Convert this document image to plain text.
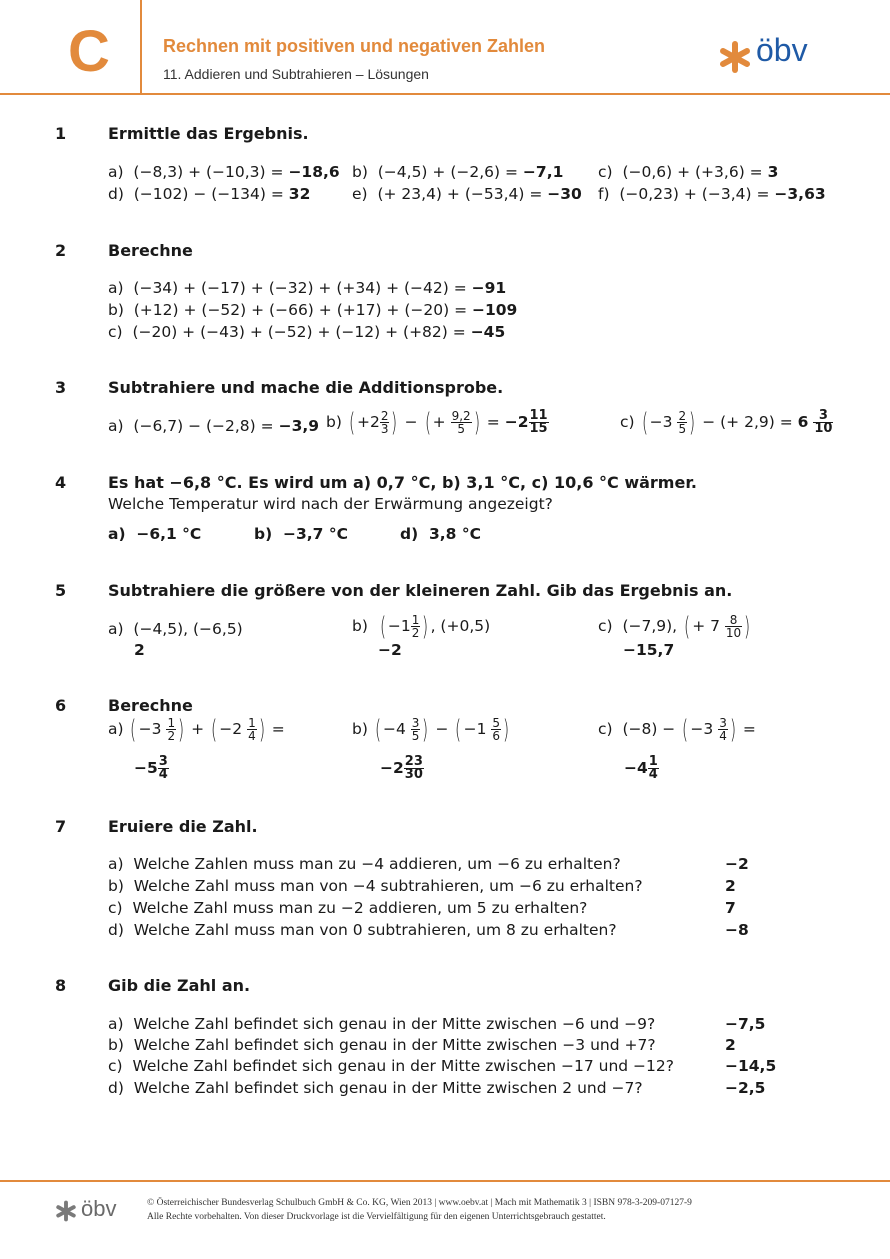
C	Rechnen mit positiven und negativen Zahlen
11. Addieren und Subtrahieren – Lösungen
öbv
1	Ermittle das Ergebnis.
a) (−8,3) + (−10,3) = −18,6 b) (−4,5) + (−2,6) = −7,1 c) (−0,6) + (+3,6) = 3
d) (−102) − (−134) = 32	e) (+ 23,4) + (−53,4) = −30 f) (−0,23) + (−3,4) = −3,63
2	Berechne
a) (−34) + (−17) + (−32) + (+34) + (−42) = −91
b) (+12) + (−52) + (−66) + (+17) + (−20) = −109
c) (−20) + (−43) + (−52) + (−12) + (+82) = −45
3	Subtrahiere und mache die Additionsprobe.
a) (−6,7) − (−2,8) = −3,9 b) ( $+2 \frac{2}{3}$ ) − ( + $\frac{9,2}{5}$ ) = $-2 \frac{11}{15}$	c) ( $-3 \frac{2}{5}$ ) − (+ $2,9) = 6 \frac{3}{10}$
4	Es hat −6,8 °C. Es wird um a) 0,7 °C, b) 3,1 °C, c) 10,6 °C wärmer.
Welche Temperatur wird nach der Erwärmung angezeigt?
a) −6,1 °C	b) −3,7 °C	d) 3,8 °C
5	Subtrahiere die größere von der kleineren Zahl. Gib das Ergebnis an.
a) (−4,5), (−6,5)
2
b) ( $-1 \frac{1}{2}$ ) , (+0,5)
−2
c) (−7,9), ( + $7 \frac{8}{10}$ )
−15,7
6	Berechne
a) ( $-3 \frac{1}{2}$ ) + ( $-2 \frac{1}{4}$ ) =
$-5 \frac{3}{4}$
b) ( $-4 \frac{3}{5}$ ) − ( $-1 \frac{5}{6}$ )
$-2 \frac{23}{30}$
c) (−8) − ( $-3 \frac{3}{4}$ ) =
$-4 \frac{1}{4}$
7	Eruiere die Zahl.
a) Welche Zahlen muss man zu −4 addieren, um −6 zu erhalten?	−2
b) Welche Zahl muss man von −4 subtrahieren, um −6 zu erhalten?	2
c) Welche Zahl muss man zu −2 addieren, um 5 zu erhalten?	7
d) Welche Zahl muss man von 0 subtrahieren, um 8 zu erhalten?	−8
8	Gib die Zahl an.
a) Welche Zahl befindet sich genau in der Mitte zwischen −6 und −9?	−7,5
b) Welche Zahl befindet sich genau in der Mitte zwischen −3 und +7?	2
c) Welche Zahl befindet sich genau in der Mitte zwischen −17 und −12?	−14,5
d) Welche Zahl befindet sich genau in der Mitte zwischen 2 und −7?	−2,5
öbv	© Österreichischer Bundesverlag Schulbuch GmbH & Co. KG, Wien 2013 | www.oebv.at | Mach mit Mathematik 3 | ISBN 978-3-209-07127-9
Alle Rechte vorbehalten. Von dieser Druckvorlage ist die Vervielfältigung für den eigenen Unterrichtsgebrauch gestattet.
